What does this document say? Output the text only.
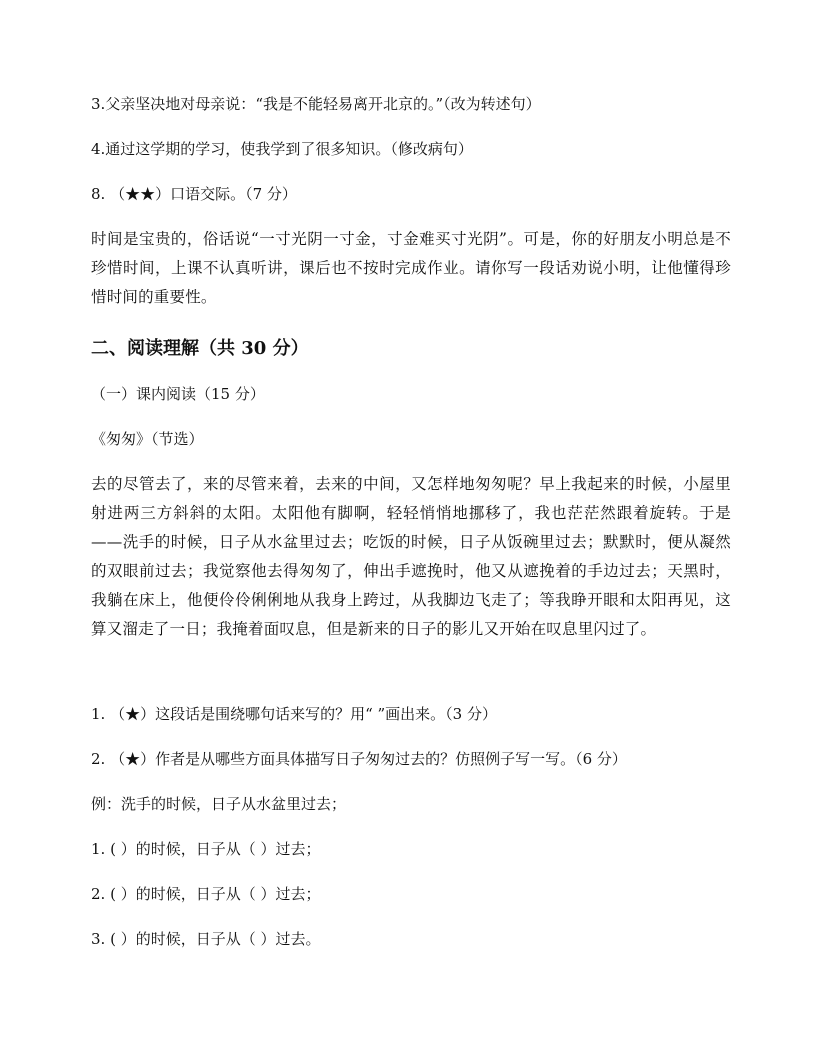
3.父亲坚决地对母亲说：“我是不能轻易离开北京的。”（改为转述句）
4.通过这学期的学习，使我学到了很多知识。（修改病句）
8. （★★）口语交际。（7 分）
时间是宝贵的，俗话说“一寸光阴一寸金，寸金难买寸光阴”。可是，你的好朋友小明总是不珍惜时间，上课不认真听讲，课后也不按时完成作业。请你写一段话劝说小明，让他懂得珍惜时间的重要性。
二、阅读理解（共 30 分）
（一）课内阅读（15 分）
《匆匆》（节选）
去的尽管去了，来的尽管来着，去来的中间，又怎样地匆匆呢？早上我起来的时候，小屋里射进两三方斜斜的太阳。太阳他有脚啊，轻轻悄悄地挪移了，我也茫茫然跟着旋转。于是——洗手的时候，日子从水盆里过去；吃饭的时候，日子从饭碗里过去；默默时，便从凝然的双眼前过去；我觉察他去得匆匆了，伸出手遮挽时，他又从遮挽着的手边过去；天黑时，我躺在床上，他便伶伶俐俐地从我身上跨过，从我脚边飞走了；等我睁开眼和太阳再见，这算又溜走了一日；我掩着面叹息，但是新来的日子的影儿又开始在叹息里闪过了。
1. （★）这段话是围绕哪句话来写的？用“ ”画出来。（3 分）
2. （★）作者是从哪些方面具体描写日子匆匆过去的？仿照例子写一写。（6 分）
例：洗手的时候，日子从水盆里过去；
1. ( ）的时候，日子从（ ）过去；
2. ( ）的时候，日子从（ ）过去；
3. ( ）的时候，日子从（ ）过去。
